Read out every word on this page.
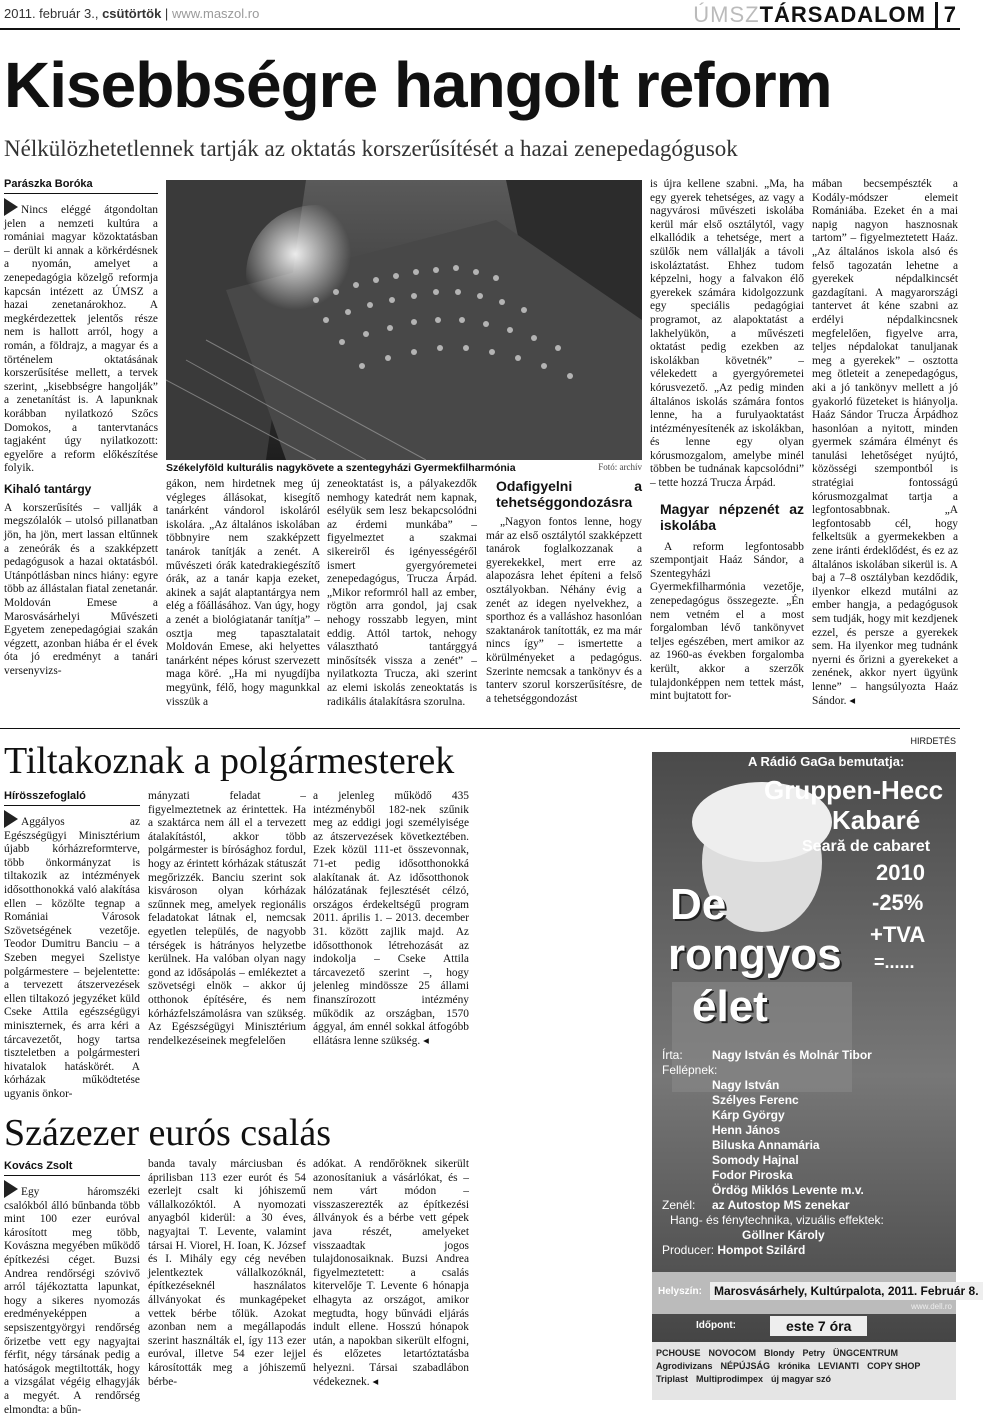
2011. február 3., csütörtök | www.maszol.ro	ÚMSZTÁRSADALOM 7
Kisebbségre hangolt reform
Nélkülözhetetlennek tartják az oktatás korszerűsítését a hazai zenepedagógusok
Parászka Boróka

Nincs eléggé átgondoltan jelen a nemzeti kultúra a romániai magyar közoktatásban – derült ki annak a körkérdésnek a nyomán, amelyet a zenepedagógia közelgő reformja kapcsán intézett az ÚMSZ a hazai zenetanárokhoz. A megkérdezettek jelentős része nem is hallott arról, hogy a román, a földrajz, a magyar és a történelem oktatásának korszerűsítése mellett, a tervek szerint, „kisebbségre hangolják” a zenetanítást is. A lapunknak korábban nyilatkozó Szőcs Domokos, a tantervtanács tagjaként úgy nyilatkozott: egyelőre a reform előkészítése folyik.

Kihaló tantárgy

A korszerűsítés – vallják a megszólalók – utolsó pillanatban jön, ha jön, mert lassan eltűnnek a zeneórák és a szakképzett pedagógusok a hazai oktatásból. Utánpótlásban nincs hiány: egyre több az állástalan fiatal zenetanár. Moldován Emese a Marosvásárhelyi Művészeti Egyetem zenepedagógiai szakán végzett, azonban hiába ér el évek óta jó eredményt a tanári versenyvizs-

Székelyföld kulturális nagykövete a szentegyházi Gyermekfilharmónia	Fotó: archív

gákon, nem hirdetnek meg új végleges állásokat, kisegítő tanárként vándorol iskoláról iskolára. „Az általános iskolában többnyire nem szakképzett tanárok tanítják a zenét. A művészeti órák katedrakiegészítő órák, az a tanár kapja ezeket, akinek a saját alaptantárgya nem elég a főállásához. Van úgy, hogy a zenét a biológiatanár tanítja” – osztja meg tapasztalatait Moldován Emese, aki helyettes tanárként népes kórust szervezett maga köré. „Ha mi nyugdíjba megyünk, félő, hogy magunkkal visszük a

zeneoktatást is, a pályakezdők nemhogy katedrát nem kapnak, esélyük sem lesz bekapcsolódni az érdemi munkába” – figyelmeztet a szakmai sikereiről és igényességéről ismert gyergyóremetei zenepedagógus, Trucza Árpád. „Mikor reformról hall az ember, rögtön arra gondol, jaj csak nehogy rosszabb legyen, mint eddig. Attól tartok, nehogy választható tantárggyá minősítsék vissza a zenét” – nyilatkozta Trucza, aki szerint az elemi iskolás zeneoktatás is radikális átalakításra szorulna.

Odafigyelni a tehetséggondozásra

„Nagyon fontos lenne, hogy már az első osztálytól szakképzett tanárok foglalkozzanak a gyerekekkel, mert erre az alapozásra lehet építeni a felső osztályokban. Néhány évig a zenét az idegen nyelvekhez, a sporthoz és a valláshoz hasonlóan szaktanárok tanították, ez ma már nincs így” – ismertette a körülményeket a pedagógus. Szerinte nemcsak a tankönyv és a tanterv szorul korszerűsítésre, de a tehetséggondozást

is újra kellene szabni. „Ma, ha egy gyerek tehetséges, az vagy a nagyvárosi művészeti iskolába kerül már első osztálytól, vagy elkallódik a tehetsége, mert a szülők nem vállalják a távoli iskoláztatást. Ehhez tudom képzelni, hogy a falvakon élő gyerekek számára kidolgozzunk egy speciális pedagógiai programot, az alapoktatást a lakhelyükön, a művészeti oktatást pedig ezekben az iskolákban követnék” – vélekedett a gyergyóremetei kórusvezető. „Az pedig minden általános iskolás számára fontos lenne, ha a furulyaoktatást intézményesítenék az iskolákban, és lenne egy olyan kórusmozgalom, amelybe minél többen be tudnának kapcsolódni” – tette hozzá Trucza Árpád.

Magyar népzenét az iskolába

A reform legfontosabb szempontjait Haáz Sándor, a Szentegyházi Gyermekfilharmónia vezetője, zenepedagógus összegezte. „Én nem vetném el a most forgalomban lévő tankönyvet teljes egészében, mert amikor az az 1960-as években forgalomba került, akkor a szerzők tulajdonképpen nem tettek mást, mint bujtatott for-

mában becsempészték a Kodály-módszer elemeit Romániába. Ezeket én a mai napig nagyon hasznosnak tartom” – figyelmeztetett Haáz. „Az általános iskola alsó és felső tagozatán lehetne a gyerekek népdalkincsét gazdagítani. A magyarországi tantervet át kéne szabni az erdélyi népdalkincsnek megfelelően, figyelve arra, teljes népdalokat tanuljanak meg a gyerekek” – osztotta meg ötleteit a zenepedagógus, aki a jó tankönyv mellett a jó gyakorló füzeteket is hiányolja. Haáz Sándor Trucza Árpádhoz hasonlóan a nyitott, minden gyermek számára élményt és tanulási lehetőséget nyújtó, közösségi szempontból is stratégiai fontosságú kórusmozgalmat tartja a legfontosabbnak. „A legfontosabb cél, hogy felkeltsük a gyermekekben a zene iránti érdeklődést, és ez az általános iskolában sikerül is. A baj a 7–8 osztályban kezdődik, ilyenkor elkezd mutálni az ember hangja, a pedagógusok sem tudják, hogy mit kezdjenek ezzel, és persze a gyerekek sem. Ha ilyenkor meg tudnánk nyerni és őrizni a gyerekeket a zenének, akkor nyert ügyünk lenne” – hangsúlyozta Haáz Sándor. ◂

Tiltakoznak a polgármesterek
Hírösszefoglaló

Aggályos az Egészségügyi Minisztérium újabb kórházreformterve, több önkormányzat is tiltakozik az intézmények idősotthonokká való alakítása ellen – közölte tegnap a Romániai Városok Szövetségének vezetője. Teodor Dumitru Banciu – a Szeben megyei Szelistye polgármestere – bejelentette: a tervezett átszervezések ellen tiltakozó jegyzéket küld Cseke Attila egészségügyi miniszternek, és arra kéri a tárcavezetőt, hogy tartsa tiszteletben a polgármesteri hivatalok hatáskörét. A kórházak működtetése ugyanis önkor-

mányzati feladat – figyelmeztetnek az érintettek. Ha a szaktárca nem áll el a tervezett átalakítástól, akkor több polgármester is bírósághoz fordul, hogy az érintett kórházak státuszát megőrizzék. Banciu szerint sok kisvároson olyan kórházak szűnnek meg, amelyek regionális feladatokat látnak el, nemcsak egyetlen település, de nagyobb térségek is hátrányos helyzetbe kerülnek. Ha valóban olyan nagy gond az idősápolás – emlékeztet a szövetségi elnök – akkor új otthonok építésére, és nem kórházfelszámolásra van szükség. Az Egészségügyi Minisztérium rendelkezéseinek megfelelően

a jelenleg működő 435 intézményből 182-nek szűnik meg az eddigi jogi személyisége az átszervezések következtében. Ezek közül 111-et összevonnak, 71-et pedig idősotthonokká alakítanak át. Az idősotthonok hálózatának fejlesztését célzó, országos érdekeltségű program 2011. április 1. – 2013. december 31. között zajlik majd. Az idősotthonok létrehozását az indokolja – Cseke Attila tárcavezető szerint –, hogy jelenleg mindössze 25 állami finanszírozott intézmény működik az országban, 1570 ággyal, ám ennél sokkal átfogóbb ellátásra lenne szükség. ◂

Százezer eurós csalás
Kovács Zsolt

Egy háromszéki csalókból álló bűnbanda több mint 100 ezer euróval károsított meg több, Kovászna megyében működő építkezési céget. Buzsi Andrea rendőrségi szóvivő arról tájékoztatta lapunkat, hogy a sikeres nyomozás eredményeképpen a sepsiszentgyörgyi rendőrség őrizetbe vett egy nagyajtai férfit, négy társának pedig a hatóságok megtiltották, hogy a vizsgálat végéig elhagyják a megyét. A rendőrség elmondta: a bűn-

banda tavaly márciusban és áprilisban 113 ezer eurót és 54 ezerlejt csalt ki jóhiszemű vállalkozóktól. A nyomozati anyagból kiderül: a 30 éves, nagyajtai T. Levente, valamint társai H. Viorel, H. Ioan, K. József és I. Mihály egy cég nevében jelentkeztek vállalkozóknál, építkezéseknél használatos állványokat és munkagépeket vettek bérbe tőlük. Azokat azonban nem a megállapodás szerint használták el, így 113 ezer euróval, illetve 54 ezer lejjel károsították meg a jóhiszemű bérbe-

adókat. A rendőröknek sikerült azonosítaniuk a vásárlókat, és – nem várt módon – visszaszerezték az építkezési állványok és a bérbe vett gépek java részét, amelyeket visszaadtak jogos tulajdonosaiknak. Buzsi Andrea figyelmeztetett: a csalás kitervelője T. Levente 6 hónapja elhagyta az országot, amikor megtudta, hogy bűnvádi eljárás indult ellene. Hosszú hónapok után, a napokban sikerült elfogni, és előzetes letartóztatásba helyezni. Társai szabadlábon védekeznek. ◂

HIRDETÉS
A Rádió GaGa bemutatja:
Gruppen-Hecc
Kabaré
Seară de cabaret
2010
-25%
+TVA
=......
De
rongyos
élet
Írta: Nagy István és Molnár Tibor
Fellépnek:
Nagy István
Szélyes Ferenc
Kárp György
Henn János
Biluska Annamária
Somody Hajnal
Fodor Piroska
Ördög Miklós Levente m.v.
Zenél: az Autostop MS zenekar
Hang- és fénytechnika, vizuális effektek:
Göllner Károly
Producer: Hompot Szilárd
Helyszín:	Marosvásárhely, Kultúrpalota, 2011. Február 8.
Időpont:	este 7 óra
www.dell.ro
PCHOUSE NOVOCOM Blondy Petry ÜNGCENTRUM
Agrodivizans NÉPÚJSÁG krónika LEVIANTI COPY SHOP
Triplast Multiprodimpex új magyar szó
